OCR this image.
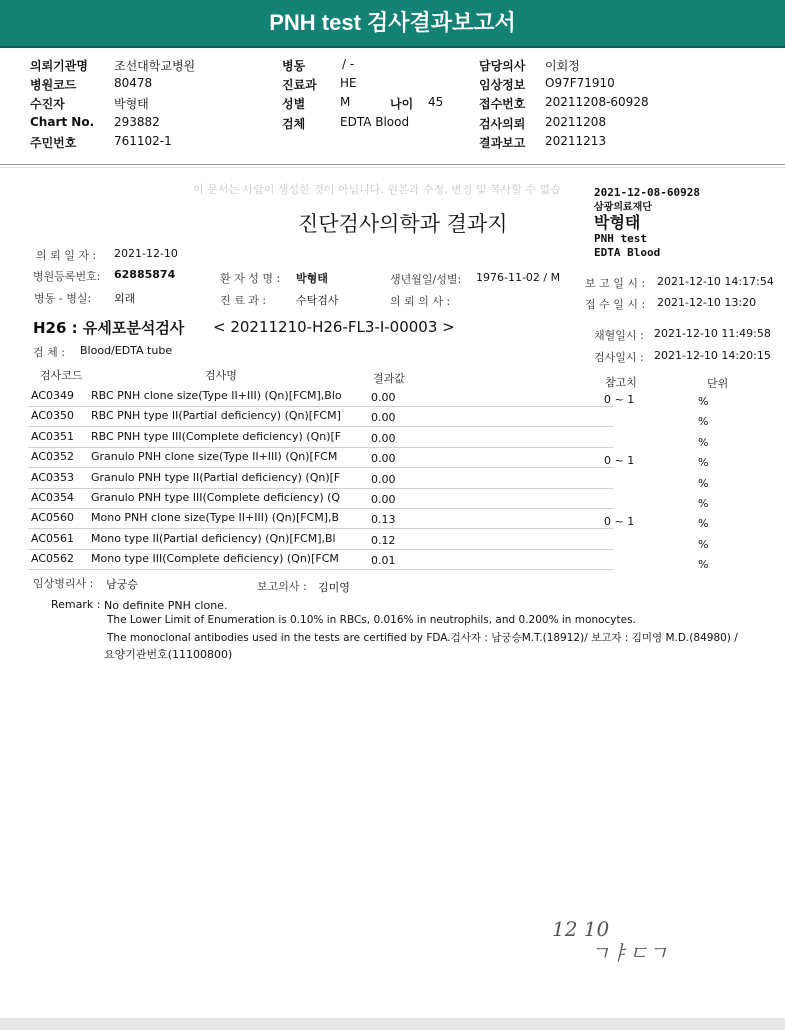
PNH test 검사결과보고서
의뢰기관명 조선대학교병원
병원코드	80478
수진자	박형태
Chart No. 293882
주민번호	761102-1
병동	/ -
진료과 HE
성별	M	나이 45
검체	EDTA Blood
담당의사 이회정
임상정보 O97F71910
접수번호 20211208-60928
검사의뢰 20211208
결과보고 20211213
이 문서는 사람이 생성한 것이 아닙니다. 원본과 수정, 변경 및 복사할 수 없습	2021-12-08-60928
삼광의료재단
박형태
PNH test
EDTA Blood
진단검사의학과 결과지
의 뢰 일 자 : 2021-12-10
병원등록번호: 62885874	환 자 성 명 : 박형태	생년월일/성별: 1976-11-02 / M 보 고 일 시 : 2021-12-10 14:17:54
병동 - 병실: 외래	진 료 과 :	수탁검사	의 뢰 의 사 :	접 수 일 시 : 2021-12-10 13:20
H26 : 유세포분석검사 < 20211210-H26-FL3-I-00003 >	채혈일시 : 2021-12-10 11:49:58
검 체 : Blood/EDTA tube
검사일시 : 2021-12-10 14:20:15
검사코드	검사명	결과값	참고치	단위
AC0349 RBC PNH clone size(Type II+III) (Qn)[FCM],Blo	0.00	0 ~ 1	%
AC0350 RBC PNH type II(Partial deficiency) (Qn)[FCM]	0.00	%
AC0351 RBC PNH type III(Complete deficiency) (Qn)[F	0.00	%
AC0352 Granulo PNH clone size(Type II+III) (Qn)[FCM	0.00	0 ~ 1	%
AC0353 Granulo PNH type II(Partial deficiency) (Qn)[F	0.00	%
AC0354 Granulo PNH type III(Complete deficiency) (Q	0.00	%
AC0560 Mono PNH clone size(Type II+III) (Qn)[FCM],B	0.13	0 ~ 1	%
AC0561 Mono type II(Partial deficiency) (Qn)[FCM],Bl	0.12	%
AC0562 Mono type III(Complete deficiency) (Qn)[FCM	0.01	%
임상병리사 : 남궁승	보고의사 : 김미영
Remark : No definite PNH clone.
The Lower Limit of Enumeration is 0.10% in RBCs, 0.016% in neutrophils, and 0.200% in monocytes.
The monoclonal antibodies used in the tests are certified by FDA.검사자 : 남궁승M.T.(18912)/ 보고자 : 김미영 M.D.(84980) /
요양기관번호(11100800)
12 10
ㄱㅑㄷㄱ
